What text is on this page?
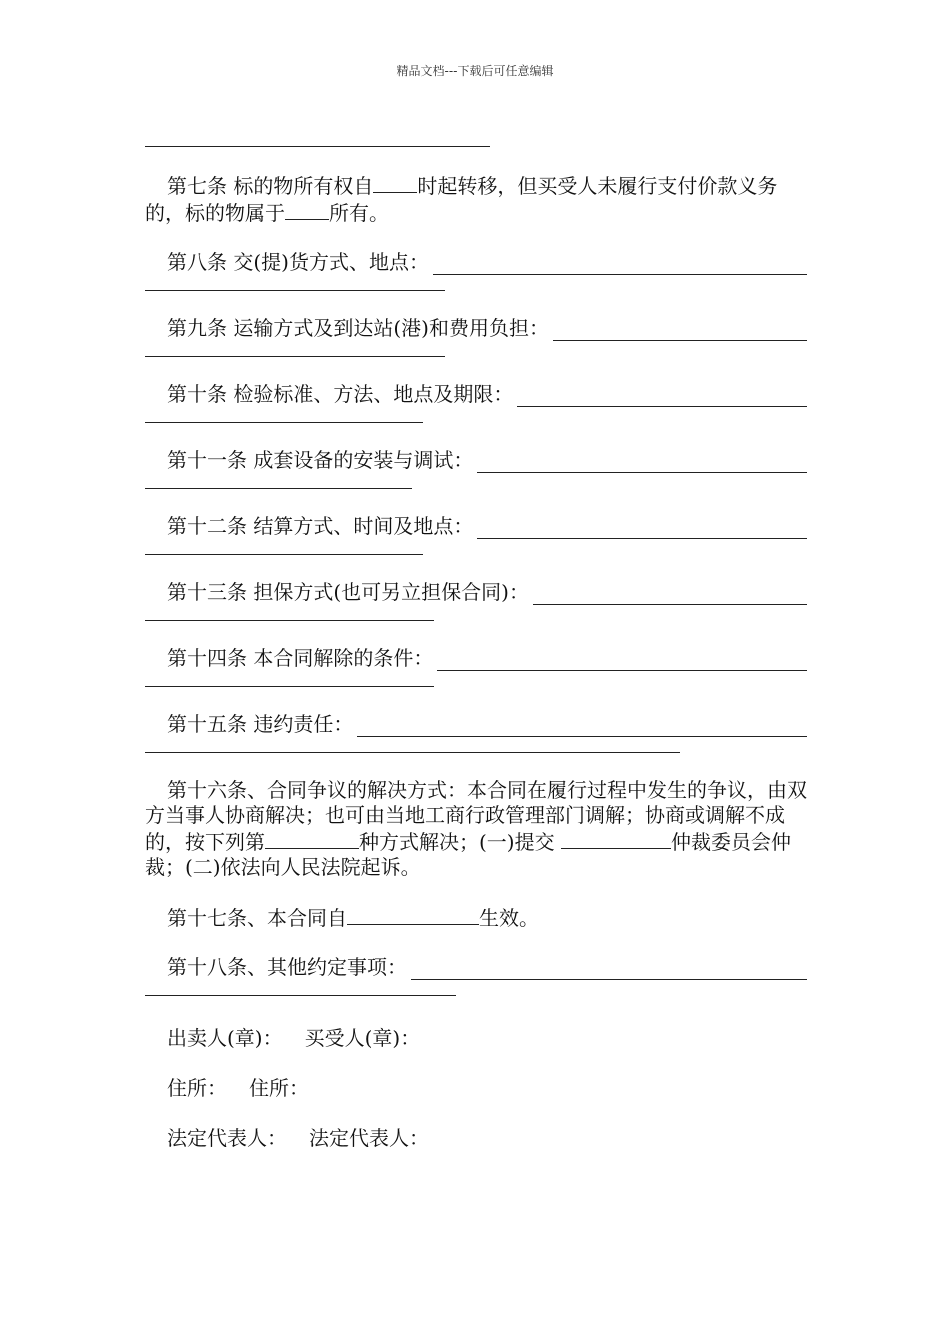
精品文档---下载后可任意编辑

第七条 标的物所有权自 时起转移，但买受人未履行支付价款义务的，标的物属于 所有。

第八条 交(提)货方式、地点：
第九条 运输方式及到达站(港)和费用负担：
第十条 检验标准、方法、地点及期限：
第十一条 成套设备的安装与调试：
第十二条 结算方式、时间及地点：
第十三条 担保方式(也可另立担保合同)：
第十四条 本合同解除的条件：
第十五条 违约责任：

第十六条、合同争议的解决方式：本合同在履行过程中发生的争议，由双方当事人协商解决；也可由当地工商行政管理部门调解；协商或调解不成的，按下列第	种方式解决；(一)提交	仲裁委员会仲裁；(二)依法向人民法院起诉。

第十七条、本合同自	生效。

第十八条、其他约定事项：
出卖人(章)： 买受人(章)：
住所： 住所：
法定代表人： 法定代表人：
